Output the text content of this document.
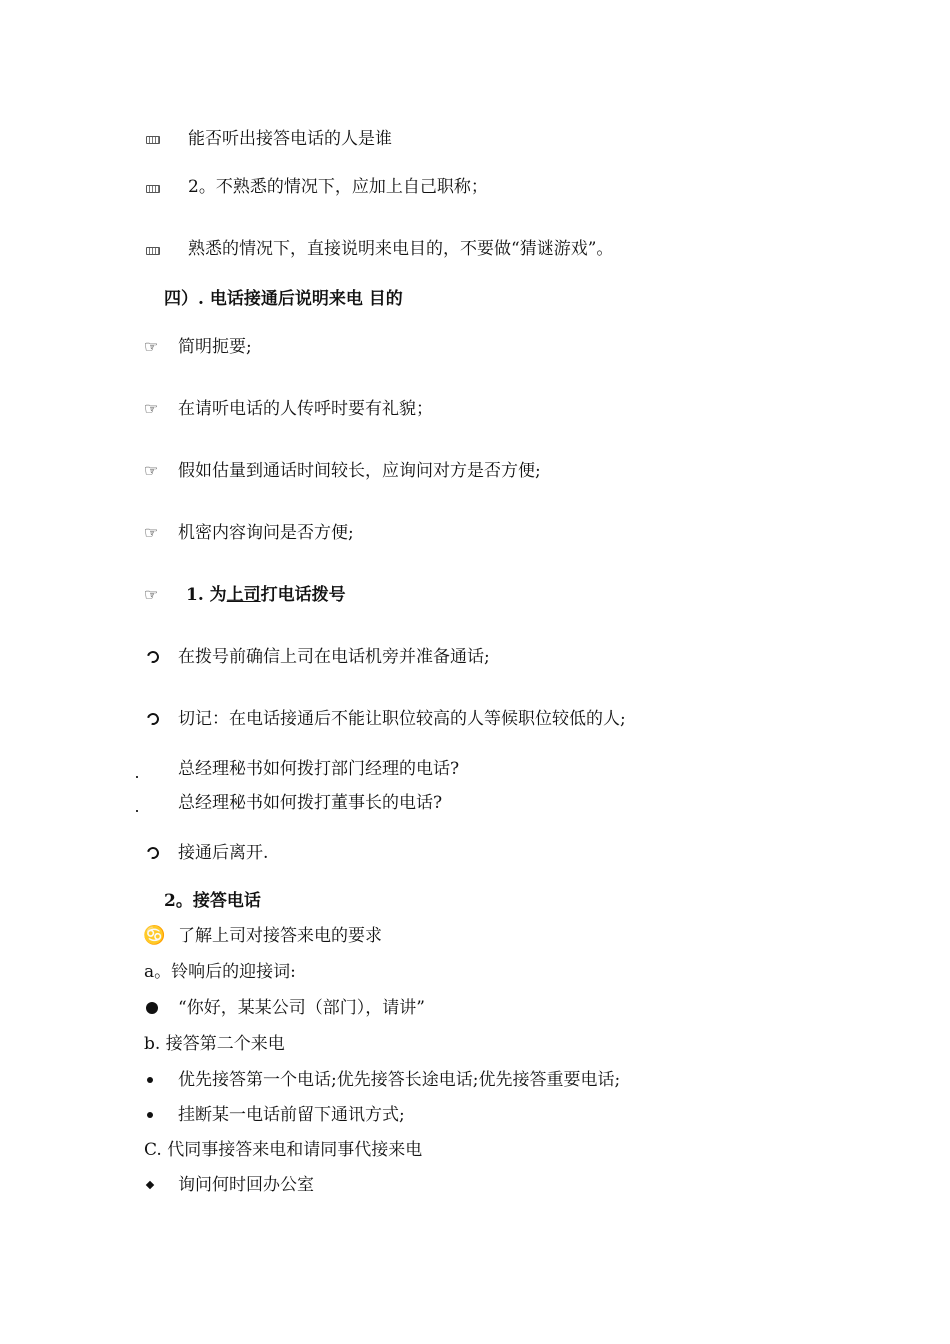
能否听出接答电话的人是谁
2。不熟悉的情况下，应加上自己职称；
熟悉的情况下，直接说明来电目的，不要做“猜谜游戏”。
四）. 电话接通后说明来电 目的
☞ 简明扼要;
☞ 在请听电话的人传呼时要有礼貌；
☞ 假如估量到通话时间较长，应询问对方是否方便;
☞ 机密内容询问是否方便;
☞ 1. 为上司打电话拨号
在拨号前确信上司在电话机旁并准备通话;
切记：在电话接通后不能让职位较高的人等候职位较低的人;
总经理秘书如何拨打部门经理的电话?
总经理秘书如何拨打董事长的电话?
接通后离开.
2。接答电话
♋ 了解上司对接答来电的要求
a。铃响后的迎接词:
“你好，某某公司（部门），请讲”
b. 接答第二个来电
优先接答第一个电话;优先接答长途电话;优先接答重要电话;
挂断某一电话前留下通讯方式;
C. 代同事接答来电和请同事代接来电
询问何时回办公室
